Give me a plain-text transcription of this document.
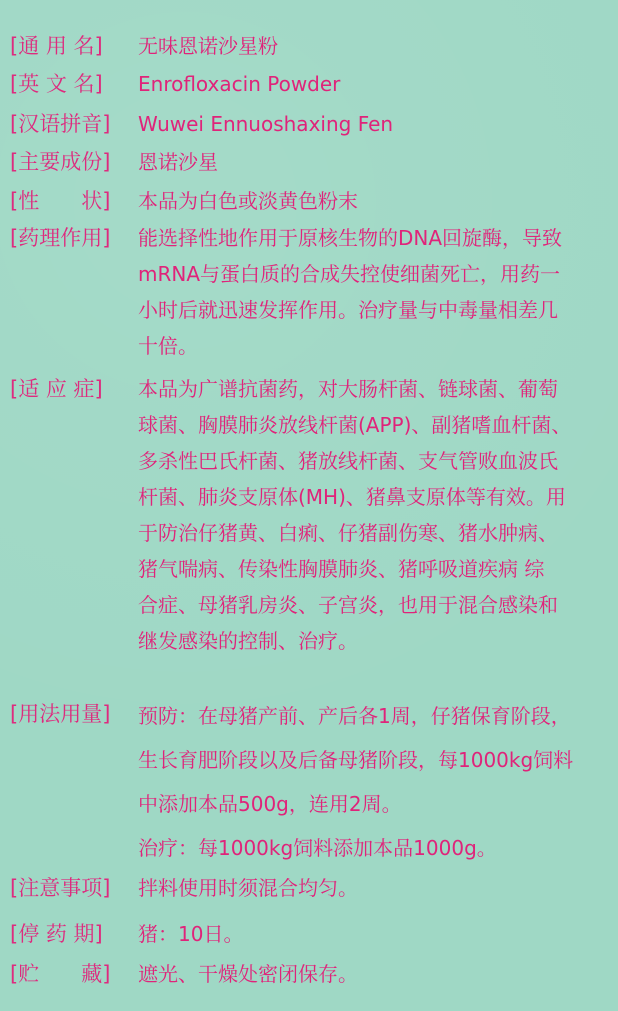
[通 用 名] 无味恩诺沙星粉
[英 文 名] Enrofloxacin Powder
[汉语拼音] Wuwei Ennuoshaxing Fen
[主要成份] 恩诺沙星
[性　　状] 本品为白色或淡黄色粉末
[药理作用] 能选择性地作用于原核生物的DNA回旋酶，导致
mRNA与蛋白质的合成失控使细菌死亡，用药一
小时后就迅速发挥作用。治疗量与中毒量相差几
十倍。
[适 应 症] 本品为广谱抗菌药，对大肠杆菌、链球菌、葡萄
球菌、胸膜肺炎放线杆菌(APP)、副猪嗜血杆菌、
多杀性巴氏杆菌、猪放线杆菌、支气管败血波氏
杆菌、肺炎支原体(MH)、猪鼻支原体等有效。用
于防治仔猪黄、白痢、仔猪副伤寒、猪水肿病、
猪气喘病、传染性胸膜肺炎、猪呼吸道疾病 综
合症、母猪乳房炎、子宫炎，也用于混合感染和
继发感染的控制、治疗。
[用法用量] 预防：在母猪产前、产后各1周，仔猪保育阶段，
生长育肥阶段以及后备母猪阶段，每1000kg饲料
中添加本品500g，连用2周。
治疗：每1000kg饲料添加本品1000g。
[注意事项] 拌料使用时须混合均匀。
[停 药 期] 猪：10日。
[贮　　藏] 遮光、干燥处密闭保存。
